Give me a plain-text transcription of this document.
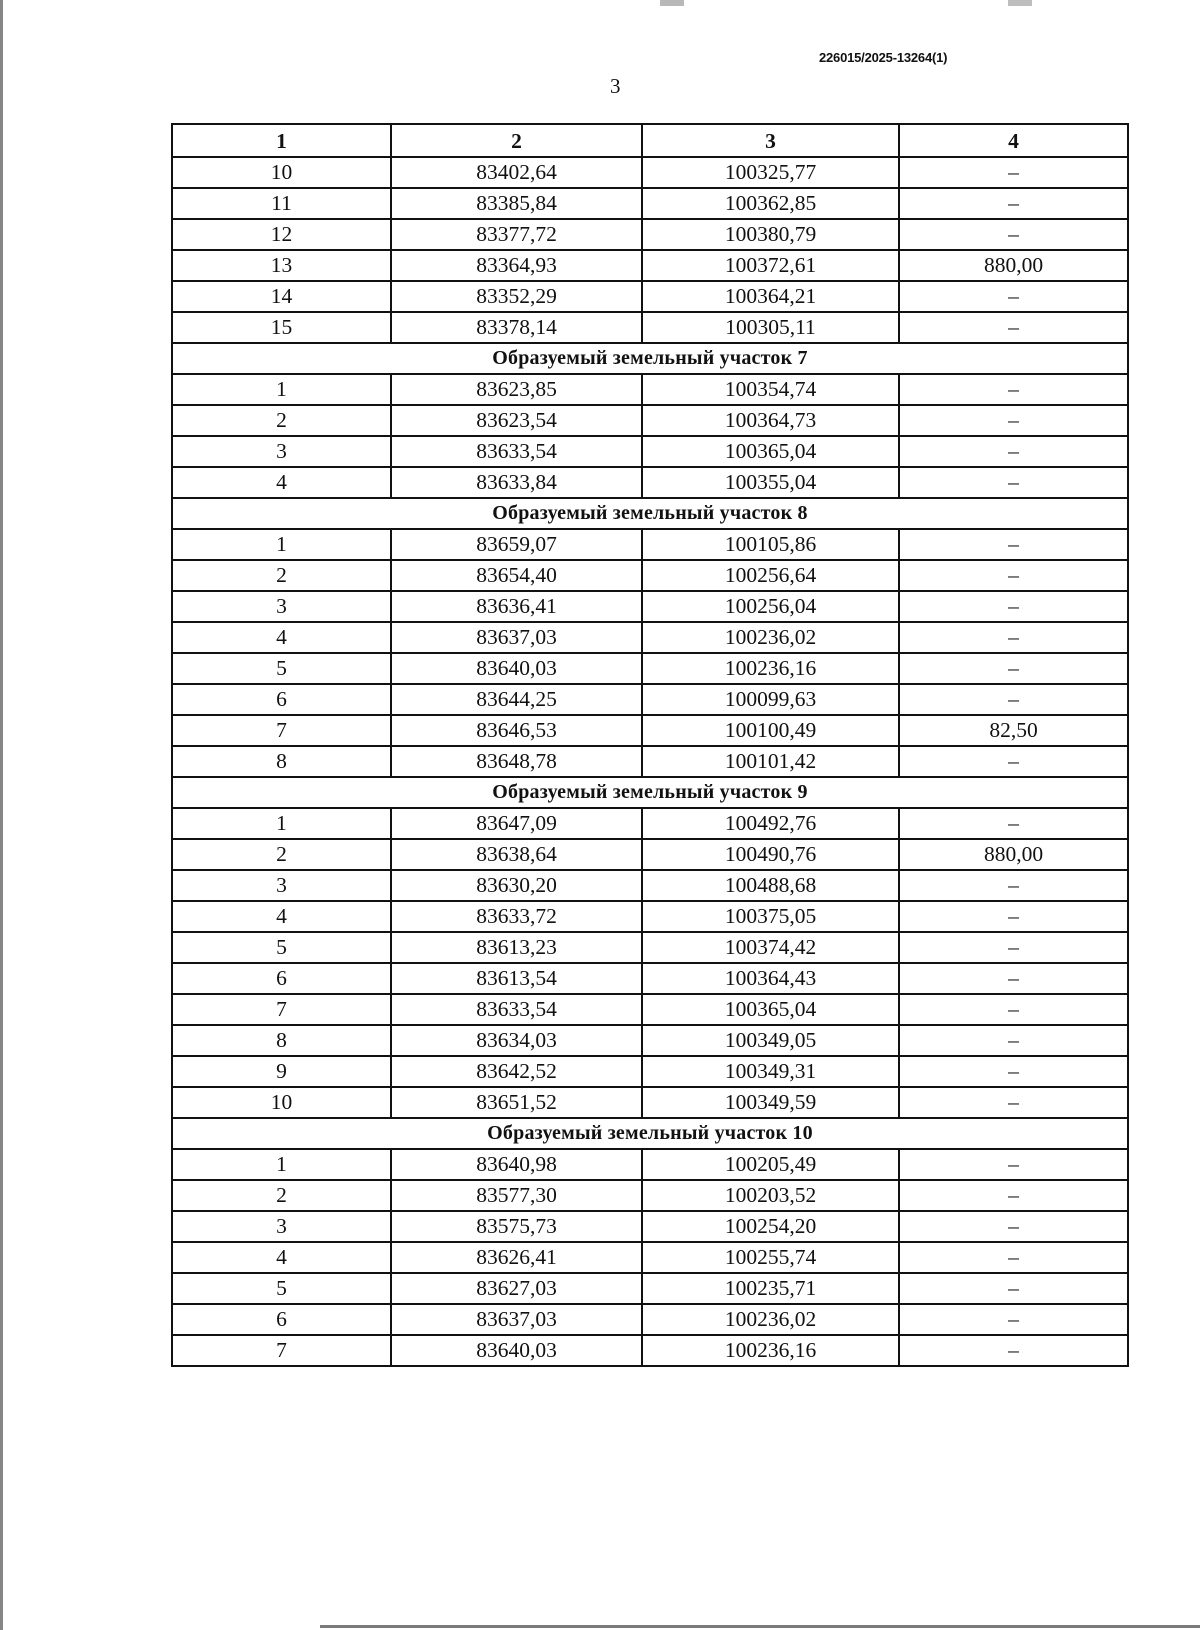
226015/2025-13264(1)
3
1	2	3	4
10	83402,64	100325,77	–
11	83385,84	100362,85	–
12	83377,72	100380,79	–
13	83364,93	100372,61	880,00
14	83352,29	100364,21	–
15	83378,14	100305,11	–
Образуемый земельный участок 7			
1	83623,85	100354,74	–
2	83623,54	100364,73	–
3	83633,54	100365,04	–
4	83633,84	100355,04	–
Образуемый земельный участок 8			
1	83659,07	100105,86	–
2	83654,40	100256,64	–
3	83636,41	100256,04	–
4	83637,03	100236,02	–
5	83640,03	100236,16	–
6	83644,25	100099,63	–
7	83646,53	100100,49	82,50
8	83648,78	100101,42	–
Образуемый земельный участок 9			
1	83647,09	100492,76	–
2	83638,64	100490,76	880,00
3	83630,20	100488,68	–
4	83633,72	100375,05	–
5	83613,23	100374,42	–
6	83613,54	100364,43	–
7	83633,54	100365,04	–
8	83634,03	100349,05	–
9	83642,52	100349,31	–
10	83651,52	100349,59	–
Образуемый земельный участок 10			
1	83640,98	100205,49	–
2	83577,30	100203,52	–
3	83575,73	100254,20	–
4	83626,41	100255,74	–
5	83627,03	100235,71	–
6	83637,03	100236,02	–
7	83640,03	100236,16	–
